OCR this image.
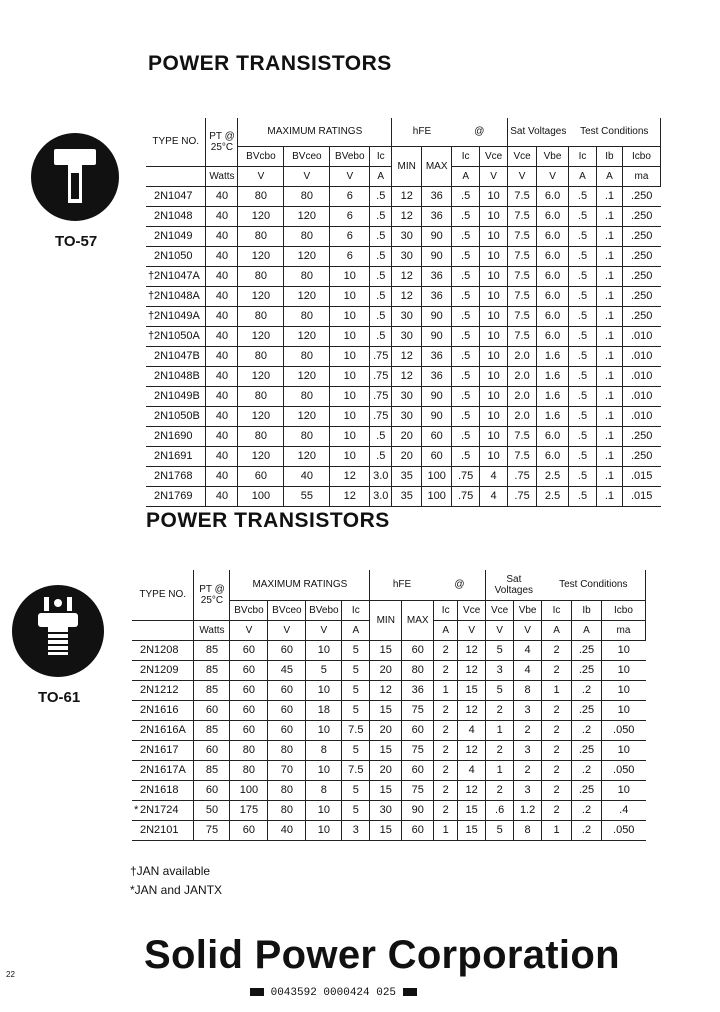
POWER TRANSISTORS
TO-57
TYPE NO.	PT @ 25°C	MAXIMUM RATINGS				hFE		@		Sat Voltages		Test Conditions		
		BVcbo	BVceo	BVebo	Ic	MIN	MAX	Ic	Vce	Vce	Vbe	Ic	Ib	Icbo
	Watts	V	V	V	A			A	V	V	V	A	A	ma
2N1047	40	80	80	6	.5	12	36	.5	10	7.5	6.0	.5	.1	.250
2N1048	40	120	120	6	.5	12	36	.5	10	7.5	6.0	.5	.1	.250
2N1049	40	80	80	6	.5	30	90	.5	10	7.5	6.0	.5	.1	.250
2N1050	40	120	120	6	.5	30	90	.5	10	7.5	6.0	.5	.1	.250
†2N1047A	40	80	80	10	.5	12	36	.5	10	7.5	6.0	.5	.1	.250
†2N1048A	40	120	120	10	.5	12	36	.5	10	7.5	6.0	.5	.1	.250
†2N1049A	40	80	80	10	.5	30	90	.5	10	7.5	6.0	.5	.1	.250
†2N1050A	40	120	120	10	.5	30	90	.5	10	7.5	6.0	.5	.1	.010
2N1047B	40	80	80	10	.75	12	36	.5	10	2.0	1.6	.5	.1	.010
2N1048B	40	120	120	10	.75	12	36	.5	10	2.0	1.6	.5	.1	.010
2N1049B	40	80	80	10	.75	30	90	.5	10	2.0	1.6	.5	.1	.010
2N1050B	40	120	120	10	.75	30	90	.5	10	2.0	1.6	.5	.1	.010
2N1690	40	80	80	10	.5	20	60	.5	10	7.5	6.0	.5	.1	.250
2N1691	40	120	120	10	.5	20	60	.5	10	7.5	6.0	.5	.1	.250
2N1768	40	60	40	12	3.0	35	100	.75	4	.75	2.5	.5	.1	.015
2N1769	40	100	55	12	3.0	35	100	.75	4	.75	2.5	.5	.1	.015
POWER TRANSISTORS
TO-61
TYPE NO.	PT @ 25°C	MAXIMUM RATINGS				hFE		@		Sat Voltages		Test Conditions		
		BVcbo	BVceo	BVebo	Ic	MIN	MAX	Ic	Vce	Vce	Vbe	Ic	Ib	Icbo
	Watts	V	V	V	A			A	V	V	V	A	A	ma
2N1208	85	60	60	10	5	15	60	2	12	5	4	2	.25	10
2N1209	85	60	45	5	5	20	80	2	12	3	4	2	.25	10
2N1212	85	60	60	10	5	12	36	1	15	5	8	1	.2	10
2N1616	60	60	60	18	5	15	75	2	12	2	3	2	.25	10
2N1616A	85	60	60	10	7.5	20	60	2	4	1	2	2	.2	.050
2N1617	60	80	80	8	5	15	75	2	12	2	3	2	.25	10
2N1617A	85	80	70	10	7.5	20	60	2	4	1	2	2	.2	.050
2N1618	60	100	80	8	5	15	75	2	12	2	3	2	.25	10
* 2N1724	50	175	80	10	5	30	90	2	15	.6	1.2	2	.2	.4
2N2101	75	60	40	10	3	15	60	1	15	5	8	1	.2	.050
†JAN available
*JAN and JANTX
Solid Power Corporation
22
0043592 0000424 025
